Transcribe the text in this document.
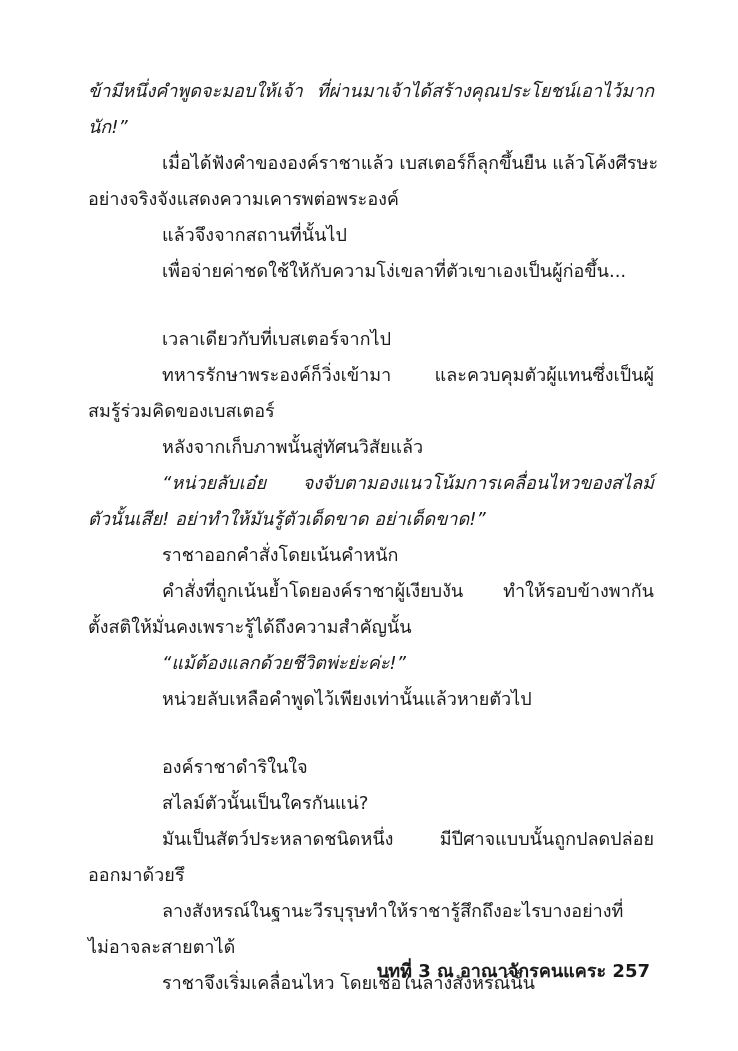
ข้ามีหนึ่งคำพูดจะมอบให้เจ้า ที่ผ่านมาเจ้าได้สร้างคุณประโยชน์เอาไว้มาก
นัก!”
เมื่อได้ฟังคำขององค์ราชาแล้ว เบสเตอร์ก็ลุกขึ้นยืน แล้วโค้งศีรษะ
อย่างจริงจังแสดงความเคารพต่อพระองค์
แล้วจึงจากสถานที่นั้นไป
เพื่อจ่ายค่าชดใช้ให้กับความโง่เขลาที่ตัวเขาเองเป็นผู้ก่อขึ้น...
เวลาเดียวกับที่เบสเตอร์จากไป
ทหารรักษาพระองค์ก็วิ่งเข้ามา และควบคุมตัวผู้แทนซึ่งเป็นผู้
สมรู้ร่วมคิดของเบสเตอร์
หลังจากเก็บภาพนั้นสู่ทัศนวิสัยแล้ว
“หน่วยลับเอ๋ย จงจับตามองแนวโน้มการเคลื่อนไหวของสไลม์
ตัวนั้นเสีย! อย่าทำให้มันรู้ตัวเด็ดขาด อย่าเด็ดขาด!”
ราชาออกคำสั่งโดยเน้นคำหนัก
คำสั่งที่ถูกเน้นย้ำโดยองค์ราชาผู้เงียบงัน ทำให้รอบข้างพากัน
ตั้งสติให้มั่นคงเพราะรู้ได้ถึงความสำคัญนั้น
“แม้ต้องแลกด้วยชีวิตพ่ะย่ะค่ะ!”
หน่วยลับเหลือคำพูดไว้เพียงเท่านั้นแล้วหายตัวไป
องค์ราชาดำริในใจ
สไลม์ตัวนั้นเป็นใครกันแน่?
มันเป็นสัตว์ประหลาดชนิดหนึ่ง มีปีศาจแบบนั้นถูกปลดปล่อย
ออกมาด้วยรึ
ลางสังหรณ์ในฐานะวีรบุรุษทำให้ราชารู้สึกถึงอะไรบางอย่างที่
ไม่อาจละสายตาได้
ราชาจึงเริ่มเคลื่อนไหว โดยเชื่อในลางสังหรณ์นั้น
บทที่ 3 ณ อาณาจักรคนแคระ 257
